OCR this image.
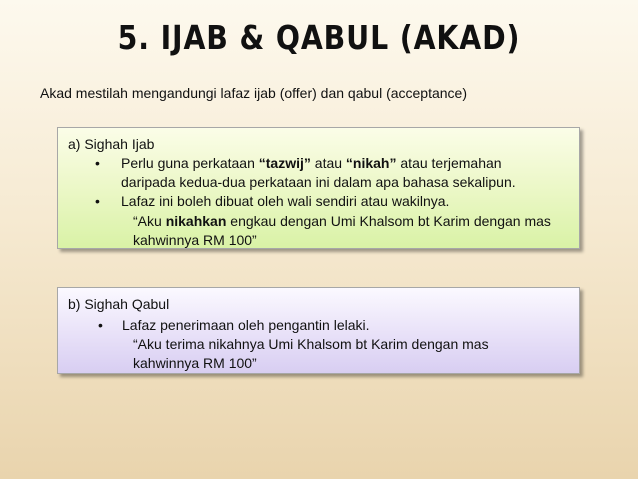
5. IJAB & QABUL (AKAD)
Akad mestilah mengandungi lafaz ijab (offer) dan qabul (acceptance)
a) Sighah Ijab
• Perlu guna perkataan “tazwij” atau “nikah” atau terjemahan
daripada kedua-dua perkataan ini dalam apa bahasa sekalipun.
• Lafaz ini boleh dibuat oleh wali sendiri atau wakilnya.
“Aku nikahkan engkau dengan Umi Khalsom bt Karim dengan mas
kahwinnya RM 100”
b) Sighah Qabul
• Lafaz penerimaan oleh pengantin lelaki.
“Aku terima nikahnya Umi Khalsom bt Karim dengan mas
kahwinnya RM 100”
